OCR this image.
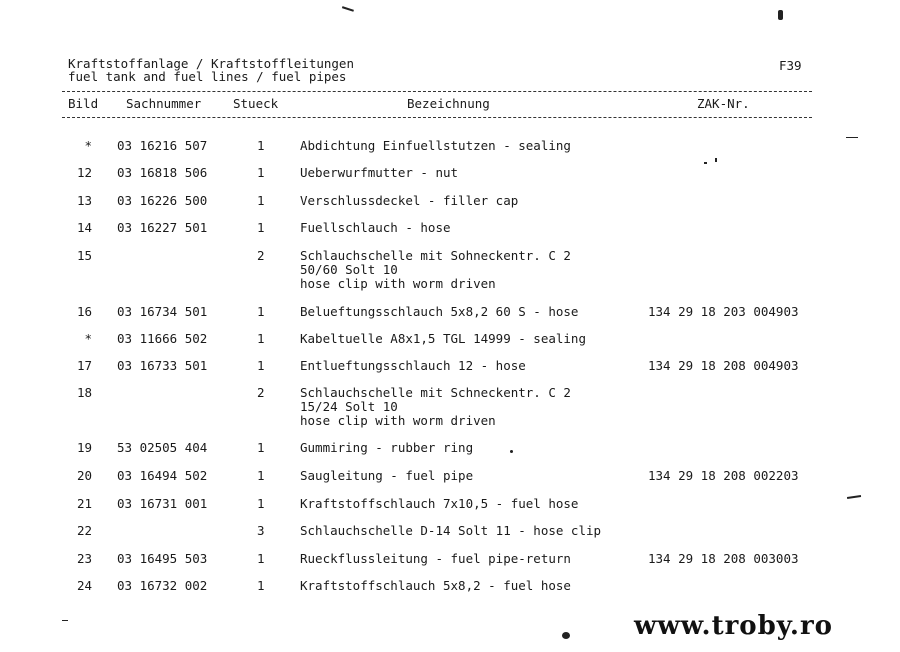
Kraftstoffanlage / Kraftstoffleitungen
fuel tank and fuel lines / fuel pipes
F39
Bild Sachnummer	Stueck	Bezeichnung	ZAK-Nr.
* 03 16216 507	1	Abdichtung Einfuellstutzen - sealing
12 03 16818 506	1	Ueberwurfmutter - nut
13 03 16226 500	1	Verschlussdeckel - filler cap
14 03 16227 501	1	Fuellschlauch - hose
15	2	Schlauchschelle mit Sohneckentr. C 2
50/60 Solt 10
hose clip with worm driven
16 03 16734 501	1	Belueftungsschlauch 5x8,2 60 S - hose	134 29 18 203 004903
* 03 11666 502	1	Kabeltuelle A8x1,5 TGL 14999 - sealing
17 03 16733 501	1	Entlueftungsschlauch 12 - hose	134 29 18 208 004903
18	2	Schlauchschelle mit Schneckentr. C 2
15/24 Solt 10
hose clip with worm driven
19 53 02505 404	1	Gummiring - rubber ring
20 03 16494 502	1	Saugleitung - fuel pipe	134 29 18 208 002203
21 03 16731 001	1	Kraftstoffschlauch 7x10,5 - fuel hose
22	3	Schlauchschelle D-14 Solt 11 - hose clip
23 03 16495 503	1	Rueckflussleitung - fuel pipe-return	134 29 18 208 003003
24 03 16732 002	1	Kraftstoffschlauch 5x8,2 - fuel hose
www.troby.ro
